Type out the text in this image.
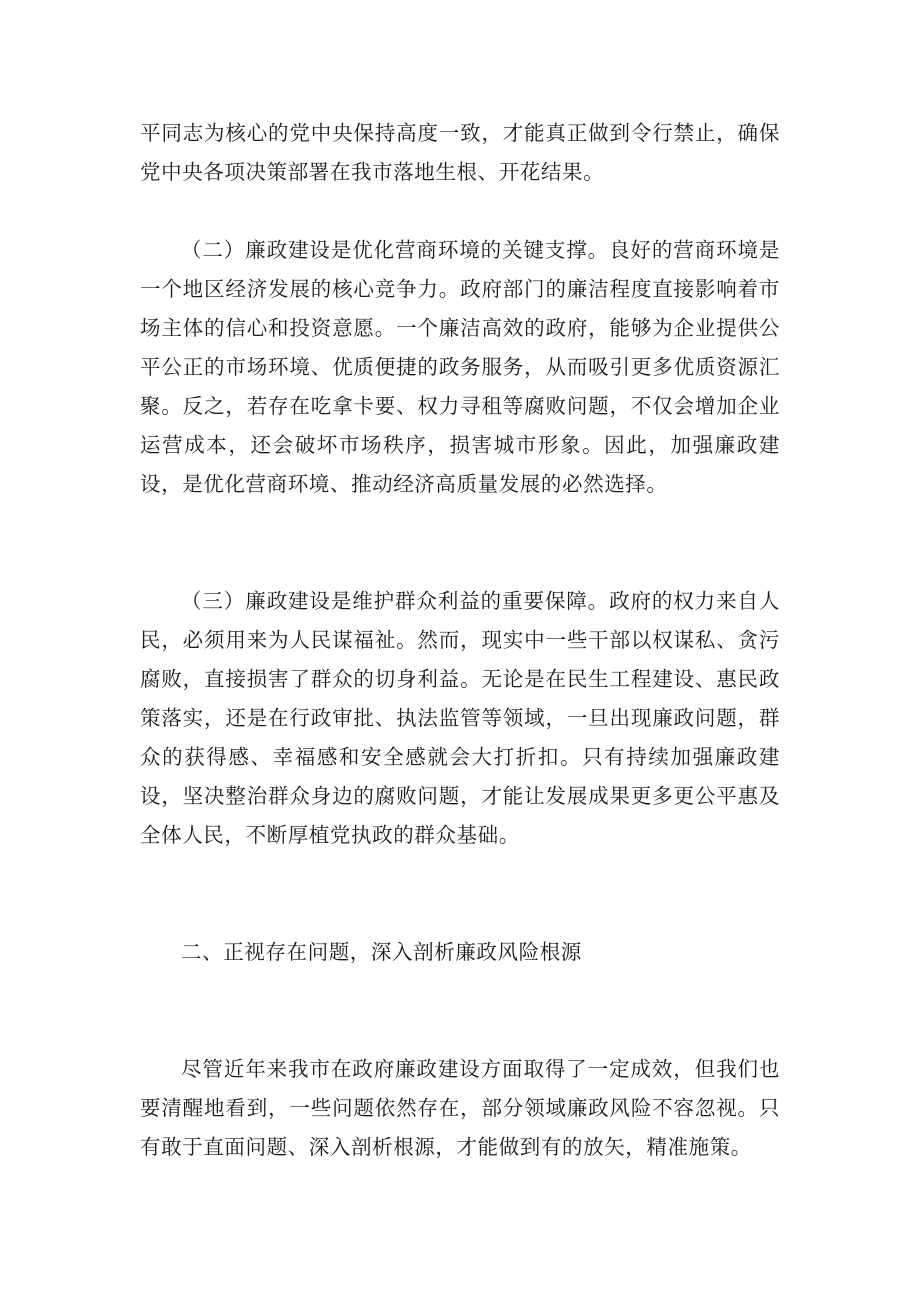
平同志为核心的党中央保持高度一致，才能真正做到令行禁止，确保党中央各项决策部署在我市落地生根、开花结果。

（二）廉政建设是优化营商环境的关键支撑。良好的营商环境是一个地区经济发展的核心竞争力。政府部门的廉洁程度直接影响着市场主体的信心和投资意愿。一个廉洁高效的政府，能够为企业提供公平公正的市场环境、优质便捷的政务服务，从而吸引更多优质资源汇聚。反之，若存在吃拿卡要、权力寻租等腐败问题，不仅会增加企业运营成本，还会破坏市场秩序，损害城市形象。因此，加强廉政建设，是优化营商环境、推动经济高质量发展的必然选择。

（三）廉政建设是维护群众利益的重要保障。政府的权力来自人民，必须用来为人民谋福祉。然而，现实中一些干部以权谋私、贪污腐败，直接损害了群众的切身利益。无论是在民生工程建设、惠民政策落实，还是在行政审批、执法监管等领域，一旦出现廉政问题，群众的获得感、幸福感和安全感就会大打折扣。只有持续加强廉政建设，坚决整治群众身边的腐败问题，才能让发展成果更多更公平惠及全体人民，不断厚植党执政的群众基础。

二、正视存在问题，深入剖析廉政风险根源

尽管近年来我市在政府廉政建设方面取得了一定成效，但我们也要清醒地看到，一些问题依然存在，部分领域廉政风险不容忽视。只有敢于直面问题、深入剖析根源，才能做到有的放矢，精准施策。
